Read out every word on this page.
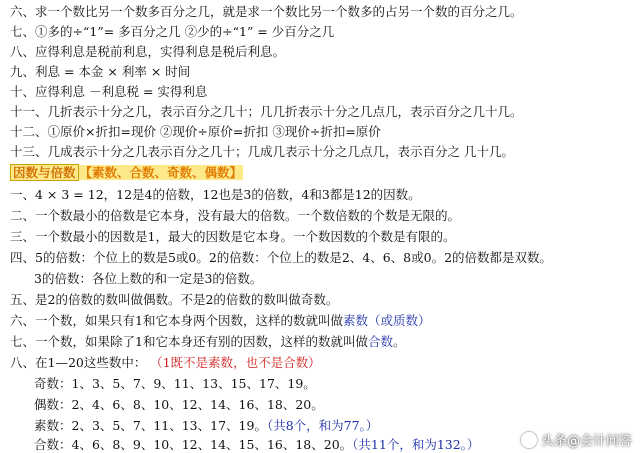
六、求一个数比另一个数多百分之几，就是求一个数比另一个数多的占另一个数的百分之几。
七、①多的÷“1”= 多百分之几 ②少的÷“1” = 少百分之几
八、应得利息是税前利息，实得利息是税后利息。
九、利息 = 本金 × 利率 × 时间
十、应得利息 －利息税 = 实得利息
十一、几折表示十分之几，表示百分之几十；几几折表示十分之几点几，表示百分之几十几。
十二、①原价×折扣=现价 ②现价÷原价=折扣 ③现价÷折扣=原价
十三、几成表示十分之几表示百分之几十；几成几表示十分之几点几，表示百分之 几十几。
因数与倍数 【素数、合数、奇数、偶数】
一、4 × 3 = 12，12是4的倍数，12也是3的倍数，4和3都是12的因数。
二、一个数最小的倍数是它本身，没有最大的倍数。一个数倍数的个数是无限的。
三、一个数最小的因数是1，最大的因数是它本身。一个数因数的个数是有限的。
四、5的倍数：个位上的数是5或0。2的倍数：个位上的数是2、4、6、8或0。2的倍数都是双数。
3的倍数：各位上数的和一定是3的倍数。
五、是2的倍数的数叫做偶数。不是2的倍数的数叫做奇数。
六、一个数，如果只有1和它本身两个因数，这样的数就叫做素数（或质数）
七、一个数，如果除了1和它本身还有别的因数，这样的数就叫做合数。
八、在1—20这些数中： （1既不是素数，也不是合数）
奇数：1、3、5、7、9、11、13、15、17、19。
偶数：2、4、6、8、10、12、14、16、18、20。
素数：2、3、5、7、11、13、17、19。（共8个，和为77。）
合数：4、6、8、9、10、12、14、15、16、18、20。（共11个，和为132。）	头条@会计问答
